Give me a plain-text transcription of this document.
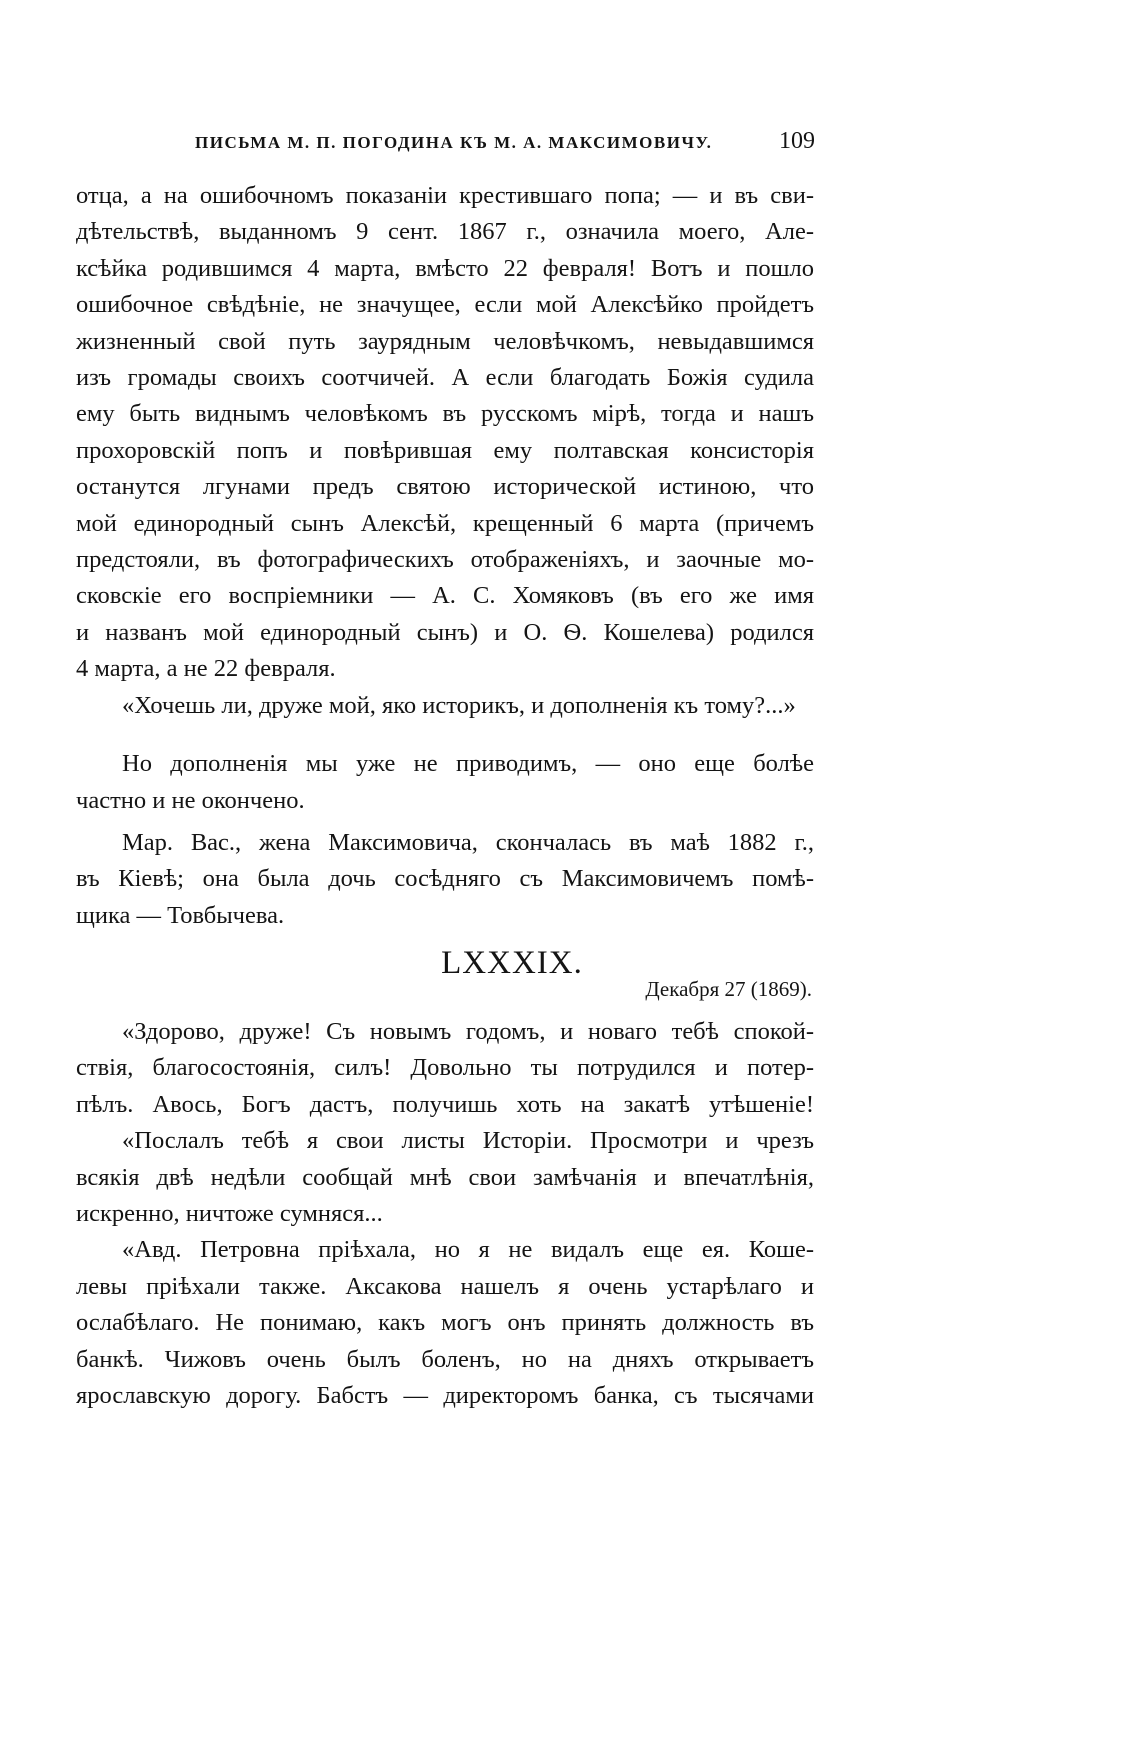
ПИСЬМА М. П. ПОГОДИНА КЪ М. А. МАКСИМОВИЧУ.	109
отца, а на ошибочномъ показаніи крестившаго попа; — и въ сви-
дѣтельствѣ, выданномъ 9 сент. 1867 г., означила моего, Але-
ксѣйка родившимся 4 марта, вмѣсто 22 февраля! Вотъ и пошло
ошибочное свѣдѣніе, не значущее, если мой Алексѣйко пройдетъ
жизненный свой путь заурядным человѣчкомъ, невыдавшимся
изъ громады своихъ соотчичей. А если благодать Божія судила
ему быть виднымъ человѣкомъ въ русскомъ мірѣ, тогда и нашъ
прохоровскій попъ и повѣрившая ему полтавская консисторія
останутся лгунами предъ святою исторической истиною, что
мой единородный сынъ Алексѣй, крещенный 6 марта (причемъ
предстояли, въ фотографическихъ отображеніяхъ, и заочные мо-
сковскіе его воспріемники — А. С. Хомяковъ (въ его же имя
и названъ мой единородный сынъ) и О. Ѳ. Кошелева) родился
4 марта, а не 22 февраля.
«Хочешь ли, друже мой, яко историкъ, и дополненія къ тому?...»
Но дополненія мы уже не приводимъ, — оно еще болѣе
частно и не окончено.
Мар. Вас., жена Максимовича, скончалась въ маѣ 1882 г.,
въ Кіевѣ; она была дочь сосѣдняго съ Максимовичемъ помѣ-
щика — Товбычева.
LXXXIX.
Декабря 27 (1869).
«Здорово, друже! Съ новымъ годомъ, и новаго тебѣ спокой-
ствія, благосостоянія, силъ! Довольно ты потрудился и потер-
пѣлъ. Авось, Богъ дастъ, получишь хоть на закатѣ утѣшеніе!
«Послалъ тебѣ я свои листы Исторіи. Просмотри и чрезъ
всякія двѣ недѣли сообщай мнѣ свои замѣчанія и впечатлѣнія,
искренно, ничтоже сумняся...
«Авд. Петровна пріѣхала, но я не видалъ еще ея. Коше-
левы пріѣхали также. Аксакова нашелъ я очень устарѣлаго и
ослабѣлаго. Не понимаю, какъ могъ онъ принять должность въ
банкѣ. Чижовъ очень былъ боленъ, но на дняхъ открываетъ
ярославскую дорогу. Бабстъ — директоромъ банка, съ тысячами
